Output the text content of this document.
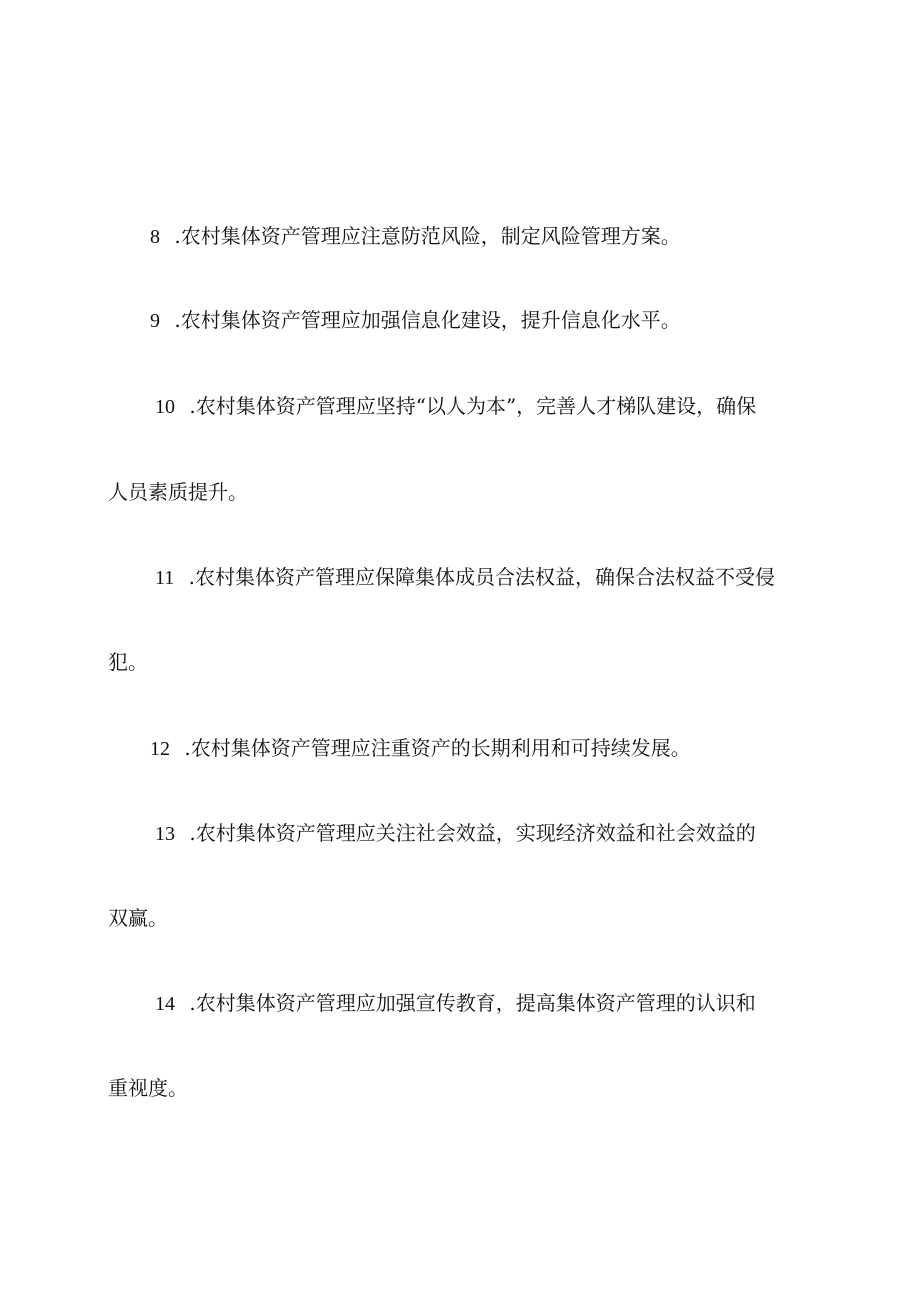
8 .农村集体资产管理应注意防范风险，制定风险管理方案。
9 .农村集体资产管理应加强信息化建设，提升信息化水平。
10 .农村集体资产管理应坚持“以人为本”，完善人才梯队建设，确保
人员素质提升。
11 .农村集体资产管理应保障集体成员合法权益，确保合法权益不受侵
犯。
12 .农村集体资产管理应注重资产的长期利用和可持续发展。
13 .农村集体资产管理应关注社会效益，实现经济效益和社会效益的
双赢。
14 .农村集体资产管理应加强宣传教育，提高集体资产管理的认识和
重视度。
